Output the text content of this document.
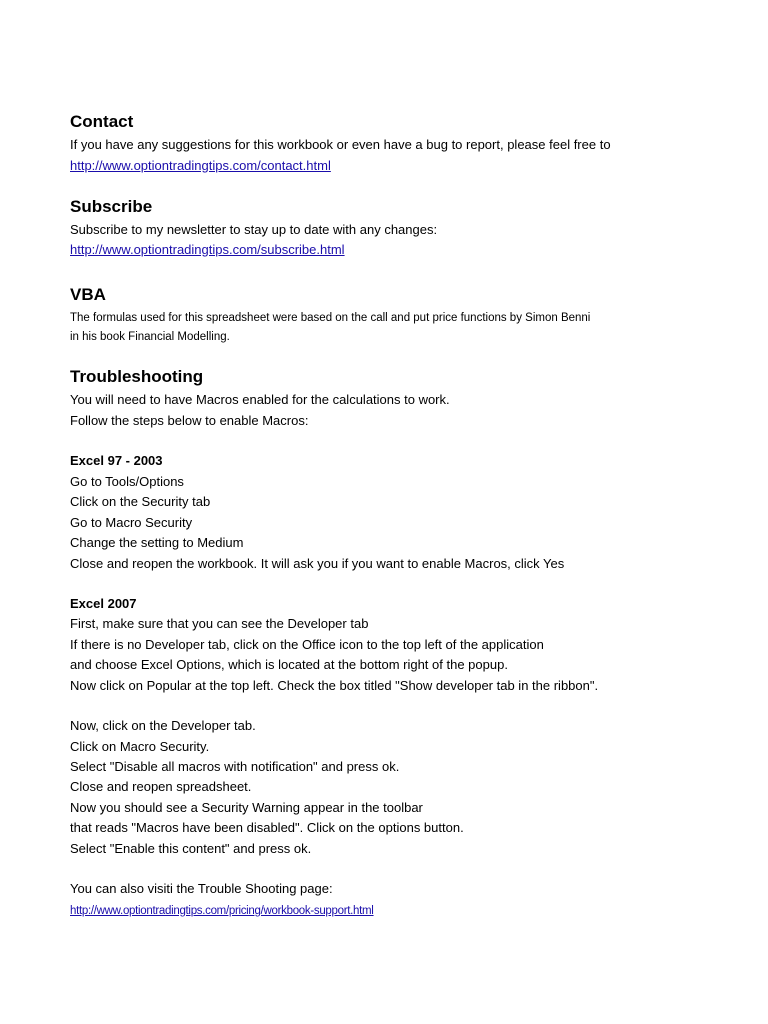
Contact
If you have any suggestions for this workbook or even have a bug to report, please feel free to
http://www.optiontradingtips.com/contact.html
Subscribe
Subscribe to my newsletter to stay up to date with any changes:
http://www.optiontradingtips.com/subscribe.html
VBA
The formulas used for this spreadsheet were based on the call and put price functions by Simon Benni
in his book Financial Modelling.
Troubleshooting
You will need to have Macros enabled for the calculations to work.
Follow the steps below to enable Macros:
Excel 97 - 2003
Go to Tools/Options
Click on the Security tab
Go to Macro Security
Change the setting to Medium
Close and reopen the workbook. It will ask you if you want to enable Macros, click Yes
Excel 2007
First, make sure that you can see the Developer tab
If there is no Developer tab, click on the Office icon to the top left of the application
and choose Excel Options, which is located at the bottom right of the popup.
Now click on Popular at the top left. Check the box titled "Show developer tab in the ribbon".
Now, click on the Developer tab.
Click on Macro Security.
Select "Disable all macros with notification" and press ok.
Close and reopen spreadsheet.
Now you should see a Security Warning appear in the toolbar
that reads "Macros have been disabled". Click on the options button.
Select "Enable this content" and press ok.
You can also visiti the Trouble Shooting page:
http://www.optiontradingtips.com/pricing/workbook-support.html
